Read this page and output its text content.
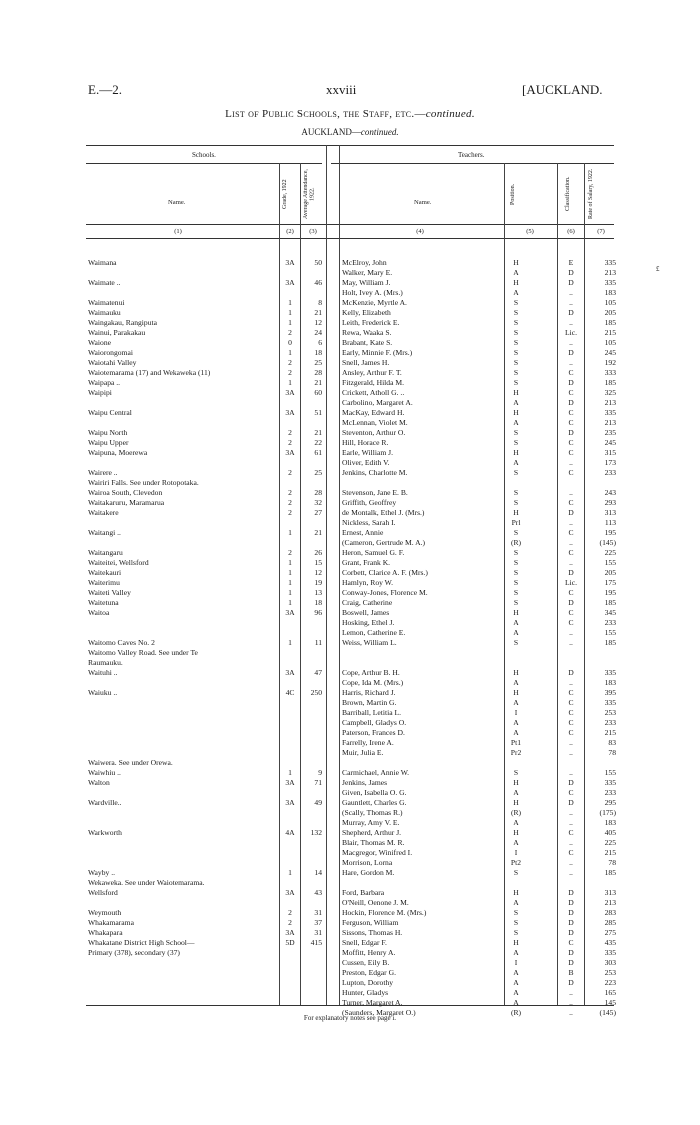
E.—2.	xxviii	[AUCKLAND.
List of Public Schools, the Staff, etc.—continued.
AUCKLAND—continued.
Schools.	Teachers.
Name.	Grade, 1922	Average Attendance, 1922.
Name.	Position.	Classification.	Rate of Salary, 1922.
(1)	(2)	(3)	(4)	(5)	(6)	(7)
£
Waimana	3A	50	McElroy, John	H	E	335
Walker, Mary E.	A	D	213
Waimate ..	3A	46	May, William J.	H	D	335
Holt, Ivey A. (Mrs.)	A	..	183
Waimatenui	1	8	McKenzie, Myrtle A.	S	..	105
Waimauku	1	21	Kelly, Elizabeth	S	D	205
Waingakau, Rangiputa	1	12	Leith, Frederick E.	S	..	185
Wainui, Parakakau	2	24	Rewa, Waaka S.	S	Lic.	215
Waione	0	6	Brabant, Kate S.	S	..	105
Waiorongomai	1	18	Early, Minnie F. (Mrs.)	S	D	245
Waiotahi Valley	2	25	Snell, James H.	S	..	192
Waiotemarama (17) and Wekaweka (11)	2	28	Ansley, Arthur F. T.	S	C	333
Waipapa ..	1	21	Fitzgerald, Hilda M.	S	D	185
Waipipi	3A	60	Crickett, Atholl G. ..	H	C	325
Carbolino, Margaret A.	A	D	213
Waipu Central	3A	51	MacKay, Edward H.	H	C	335
McLennan, Violet M.	A	C	213
Waipu North	2	21	Steventon, Arthur O.	S	D	235
Waipu Upper	2	22	Hill, Horace R.	S	C	245
Waipuna, Moerewa	3A	61	Earle, William J.	H	C	315
Oliver, Edith V.	A	..	173
Wairere ..	2	25	Jenkins, Charlotte M.	S	C	233
Wairiri Falls. See under Rotopotaka.
Wairoa South, Clevedon	2	28	Stevenson, Jane E. B.	S	..	243
Waitakaruru, Maramarua	2	32	Griffith, Geoffrey	S	C	293
Waitakere	2	27	de Montalk, Ethel J. (Mrs.)	H	D	313
Nickless, Sarah I.	Prl	..	113
Waitangi ..	1	21	Ernest, Annie	S	C	195
(Cameron, Gertrude M. A.)	(R)	..	(145)
Waitangaru	2	26	Heron, Samuel G. F.	S	C	225
Waiteitei, Wellsford	1	15	Grant, Frank K.	S	..	155
Waitekauri	1	12	Corbett, Clarice A. F. (Mrs.)	S	D	205
Waiterimu	1	19	Hamlyn, Roy W.	S	Lic.	175
Waiteti Valley	1	13	Conway-Jones, Florence M.	S	C	195
Waitetuna	1	18	Craig, Catherine	S	D	185
Waitoa	3A	96	Boswell, James	H	C	345
Hosking, Ethel J.	A	C	233
Lemon, Catherine E.	A	..	155
Waitomo Caves No. 2	1	11	Weiss, William L.	S	..	185
Waitomo Valley Road. See under Te
Raumauku.
Waituhi ..	3A	47	Cope, Arthur B. H.	H	D	335
Cope, Ida M. (Mrs.)	A	..	183
Waiuku ..	4C	250	Harris, Richard J.	H	C	395
Brown, Martin G.	A	C	335
Barriball, Letitia L.	I	C	253
Campbell, Gladys O.	A	C	233
Paterson, Frances D.	A	C	215
Farrelly, Irene A.	Pt1	..	83
Muir, Julia E.	Pr2	..	78
Waiwera. See under Orewa.
Waiwhiu ..	1	9	Carmichael, Annie W.	S	..	155
Walton	3A	71	Jenkins, James	H	D	335
Given, Isabella O. G.	A	C	233
Wardville..	3A	49	Gauntlett, Charles G.	H	D	295
(Scally, Thomas R.)	(R)	..	(175)
Murray, Amy V. E.	A	..	183
Warkworth	4A	132	Shepherd, Arthur J.	H	C	405
Blair, Thomas M. R.	A	..	225
Macgregor, Winifred I.	I	C	215
Morrison, Lorna	Pt2	..	78
Wayby ..	1	14	Hare, Gordon M.	S	..	185
Wekaweka. See under Waiotemarama.
Wellsford	3A	43	Ford, Barbara	H	D	313
O'Neill, Oenone J. M.	A	D	213
Weymouth	2	31	Hockin, Florence M. (Mrs.)	S	D	283
Whakamarama	2	37	Ferguson, William	S	D	285
Whakapara	3A	31	Sissons, Thomas H.	S	D	275
Whakatane District High School—	5D	415	Snell, Edgar F.	H	C	435
Primary (378), secondary (37)	Moffitt, Henry A.	A	D	335
Cussen, Eily B.	I	D	303
Preston, Edgar G.	A	B	253
Lupton, Dorothy	A	D	223
Hunter, Gladys	A	..	165
Turner, Margaret A.	A	..	145
(Saunders, Margaret O.)	(R)	..	(145)
For explanatory notes see page i.
